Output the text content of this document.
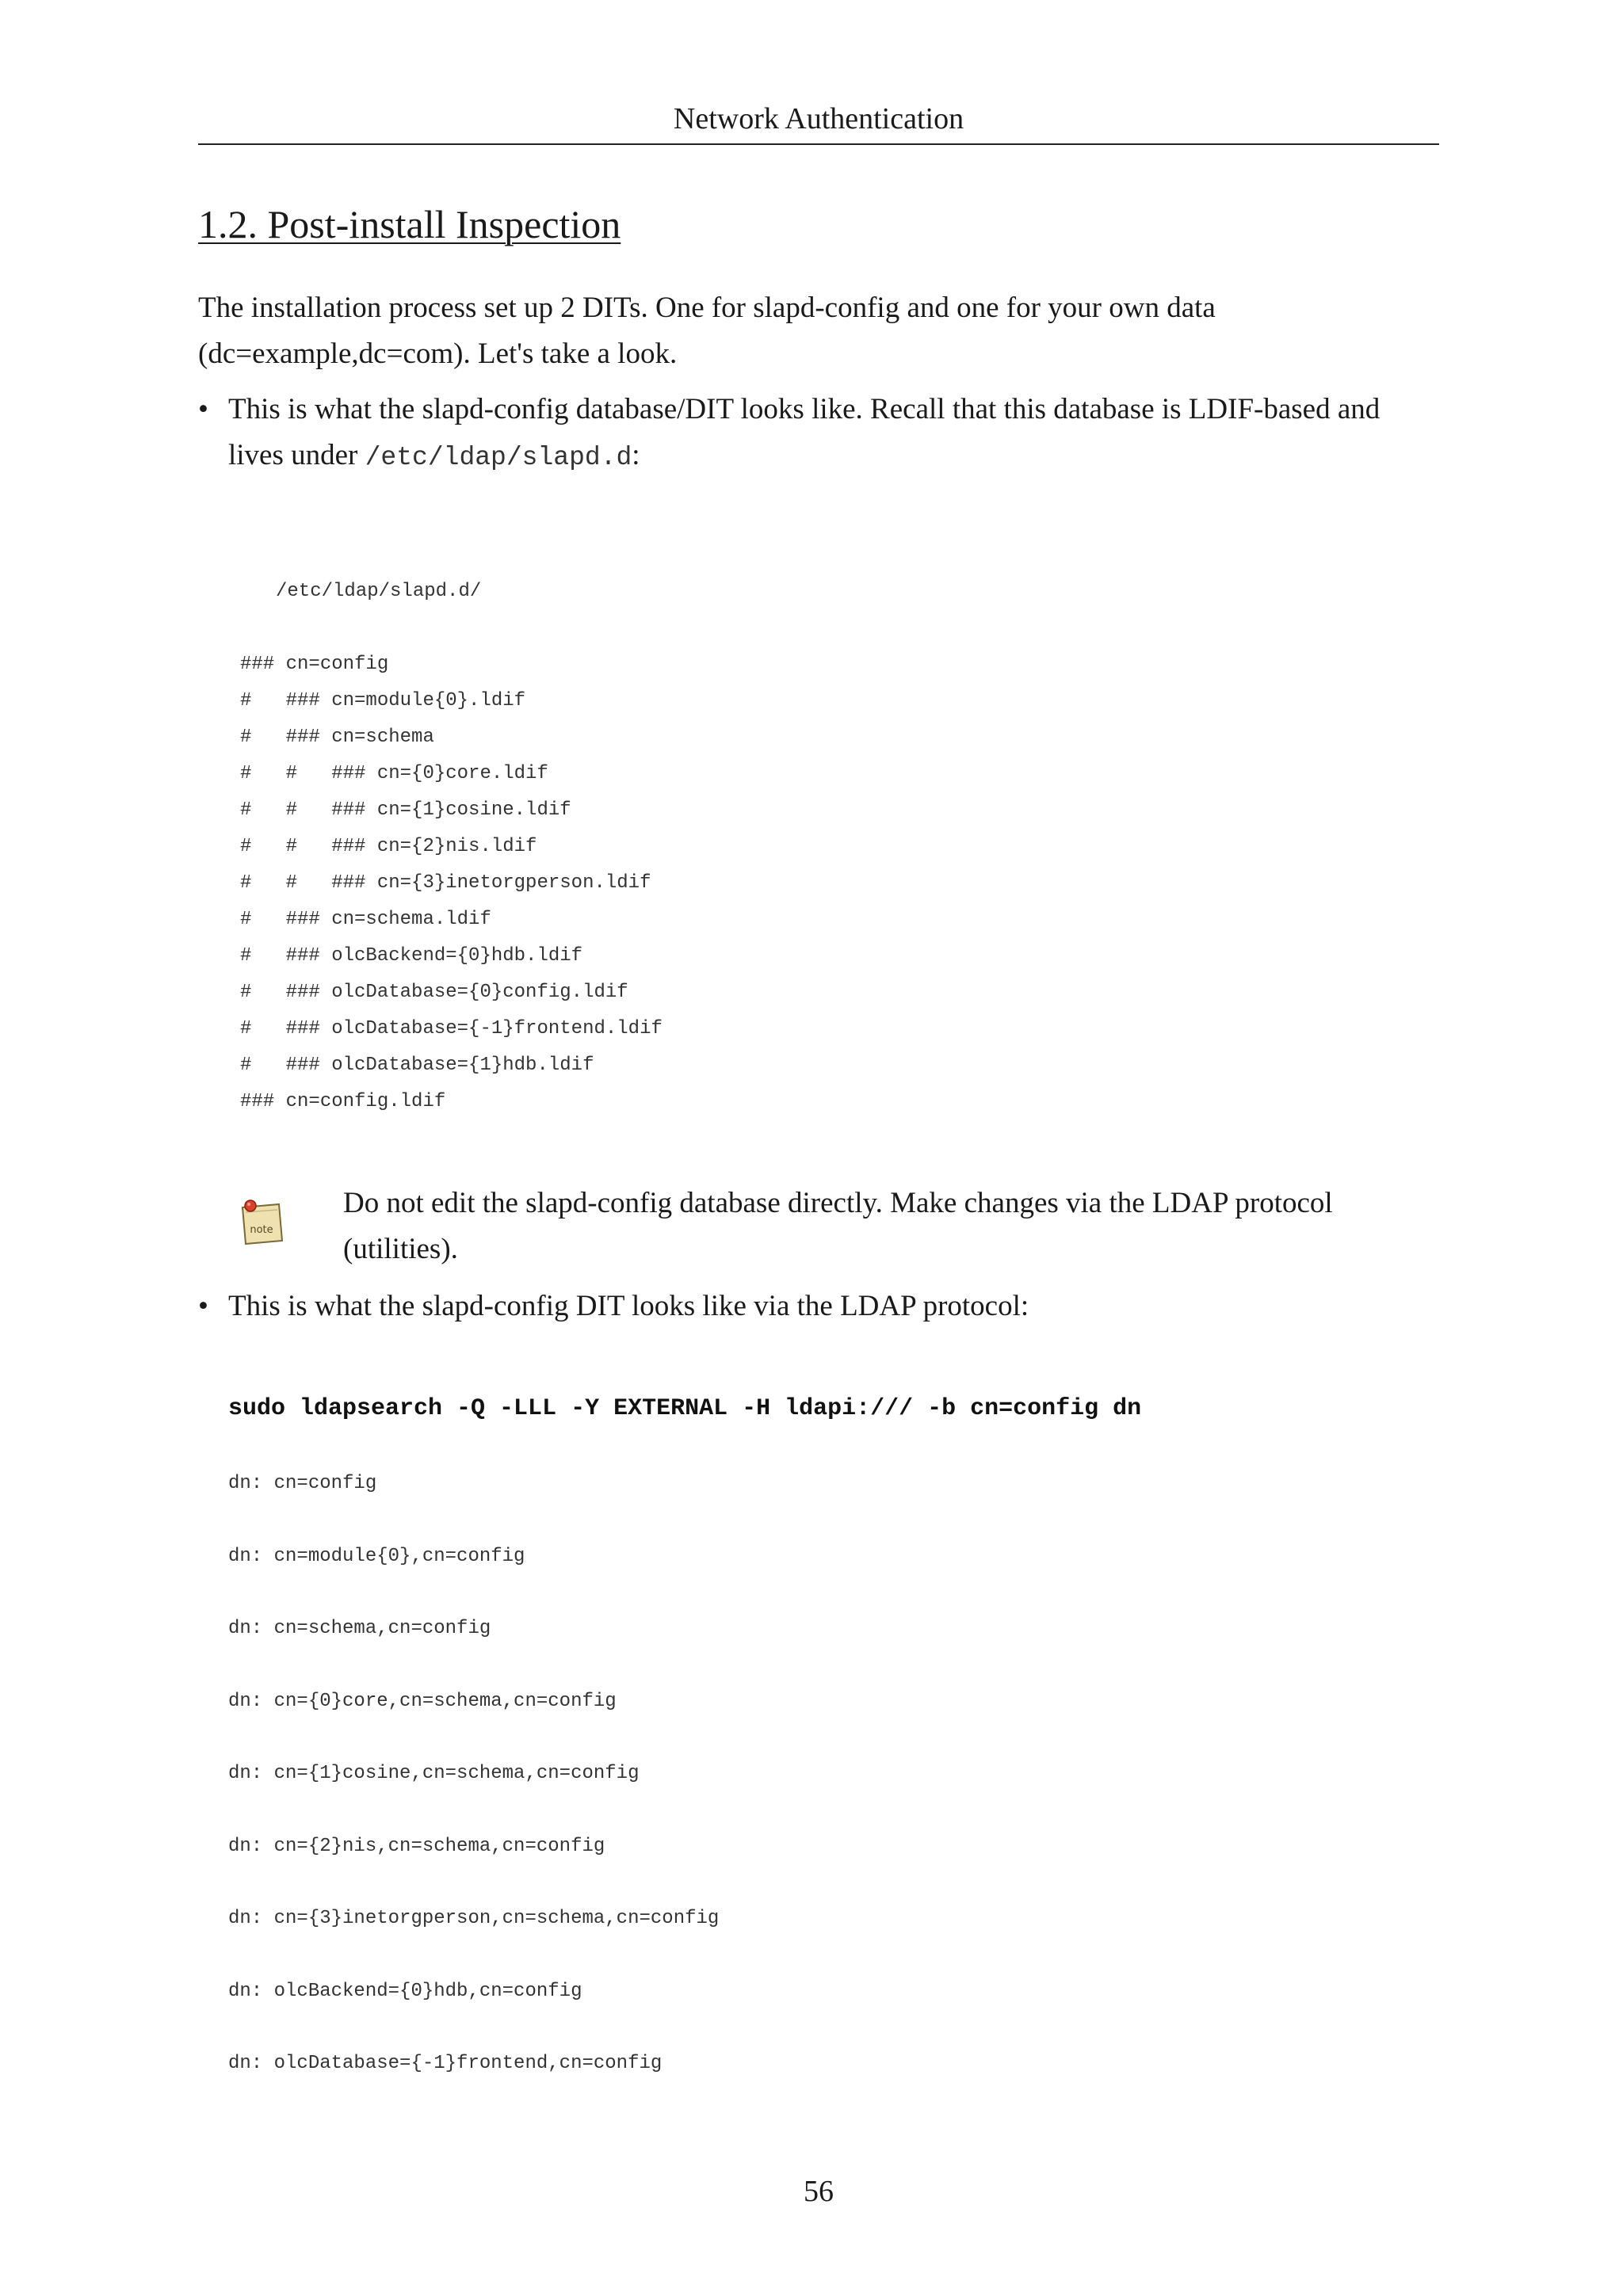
Network Authentication
1.2. Post-install Inspection
The installation process set up 2 DITs. One for slapd-config and one for your own data
(dc=example,dc=com). Let's take a look.
• This is what the slapd-config database/DIT looks like. Recall that this database is LDIF-based and
lives under /etc/ldap/slapd.d:
/etc/ldap/slapd.d/
### cn=config
#   ### cn=module{0}.ldif
#   ### cn=schema
#   #   ### cn={0}core.ldif
#   #   ### cn={1}cosine.ldif
#   #   ### cn={2}nis.ldif
#   #   ### cn={3}inetorgperson.ldif
#   ### cn=schema.ldif
#   ### olcBackend={0}hdb.ldif
#   ### olcDatabase={0}config.ldif
#   ### olcDatabase={-1}frontend.ldif
#   ### olcDatabase={1}hdb.ldif
### cn=config.ldif
note
Do not edit the slapd-config database directly. Make changes via the LDAP protocol
(utilities).
• This is what the slapd-config DIT looks like via the LDAP protocol:
sudo ldapsearch -Q -LLL -Y EXTERNAL -H ldapi:/// -b cn=config dn
dn: cn=config
dn: cn=module{0},cn=config
dn: cn=schema,cn=config
dn: cn={0}core,cn=schema,cn=config
dn: cn={1}cosine,cn=schema,cn=config
dn: cn={2}nis,cn=schema,cn=config
dn: cn={3}inetorgperson,cn=schema,cn=config
dn: olcBackend={0}hdb,cn=config
dn: olcDatabase={-1}frontend,cn=config
56
